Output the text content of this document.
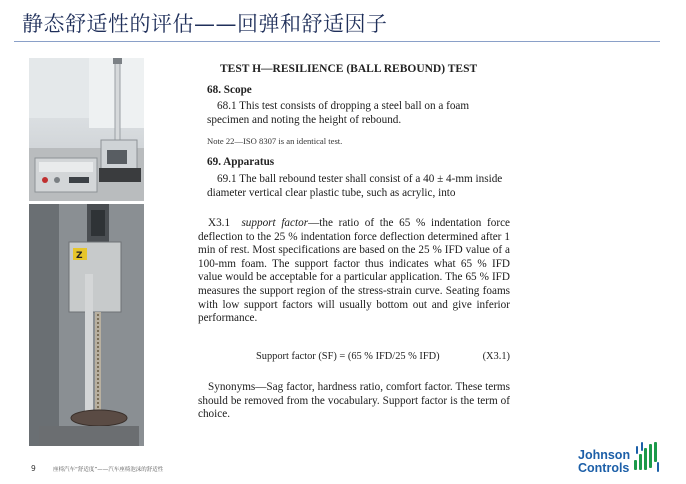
静态舒适性的评估——回弹和舒适因子
Z
TEST H—RESILIENCE (BALL REBOUND) TEST
68. Scope

68.1 This test consists of dropping a steel ball on a foam specimen and noting the height of rebound.

Note 22—ISO 8307 is an identical test.
69. Apparatus

69.1 The ball rebound tester shall consist of a 40 ± 4-mm inside diameter vertical clear plastic tube, such as acrylic, into

X3.1 support factor—the ratio of the 65 % indentation force deflection to the 25 % indentation force deflection determined after 1 min of rest. Most specifications are based on the 25 % IFD value of a 100-mm foam. The support factor thus indicates what 65 % IFD value would be acceptable for a particular application. The 65 % IFD measures the support region of the stress-strain curve. Seating foams with low support factors will usually bottom out and give inferior performance.

Support factor (SF) = (65 % IFD/25 % IFD)	(X3.1)

Synonyms—Sag factor, hardness ratio, comfort factor. These terms should be removed from the vocabulary. Support factor is the term of choice.

9	座椅汽车“舒适度”——汽车座椅泡沫的舒适性
Johnson
Controls
